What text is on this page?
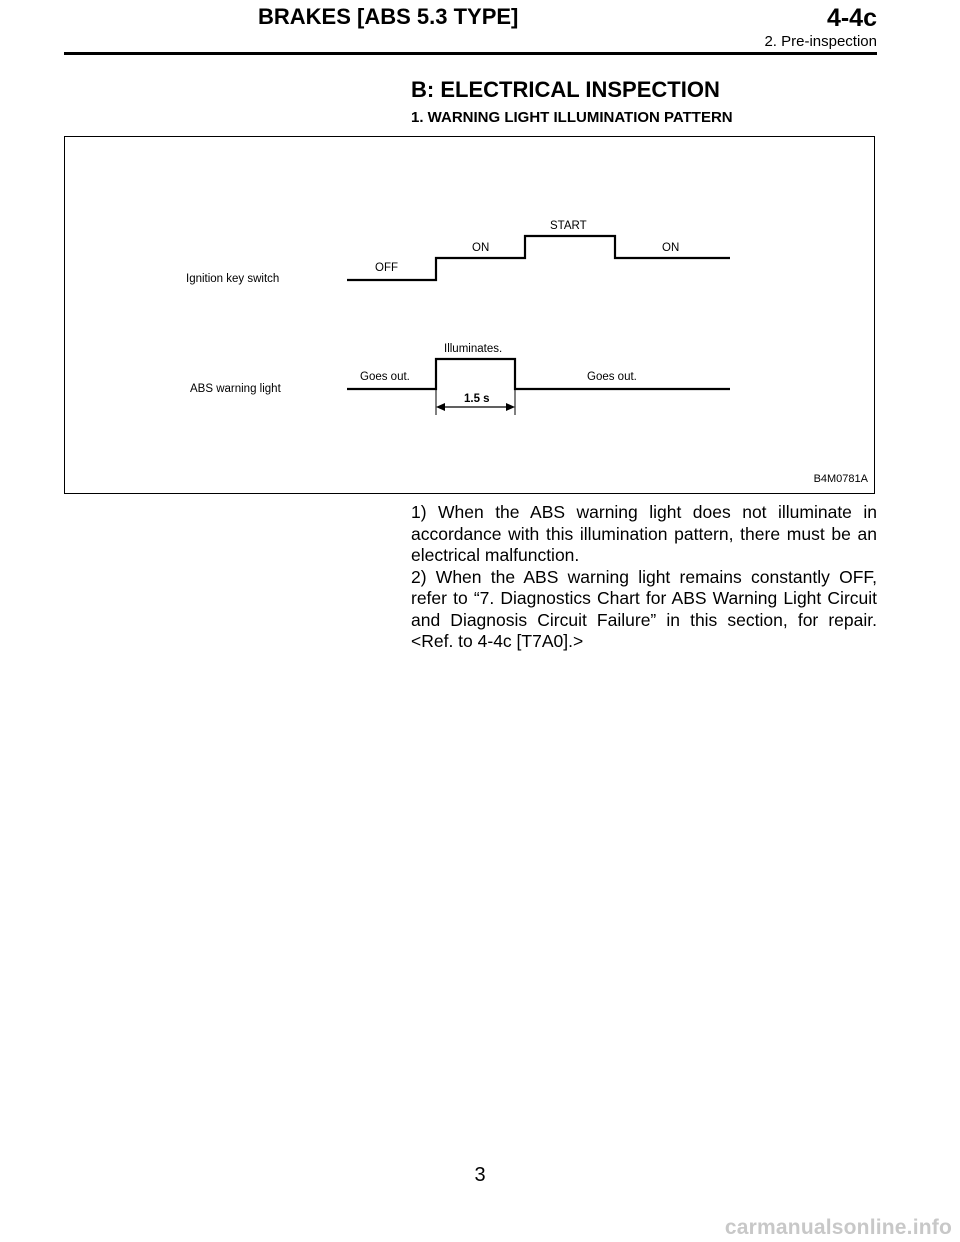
BRAKES [ABS 5.3 TYPE]	4-4c
2. Pre-inspection
B: ELECTRICAL INSPECTION
1. WARNING LIGHT ILLUMINATION PATTERN
Ignition key switch
OFF
ON
START
ON
ABS warning light
Goes out.
Illuminates.
Goes out.
1.5 s
B4M0781A

1) When the ABS warning light does not illuminate in accordance with this illumination pattern, there must be an electrical malfunction.

2) When the ABS warning light remains constantly OFF, refer to “7. Diagnostics Chart for ABS Warning Light Circuit and Diagnosis Circuit Failure” in this section, for repair. <Ref. to 4-4c [T7A0].>

3
carmanualsonline.info
